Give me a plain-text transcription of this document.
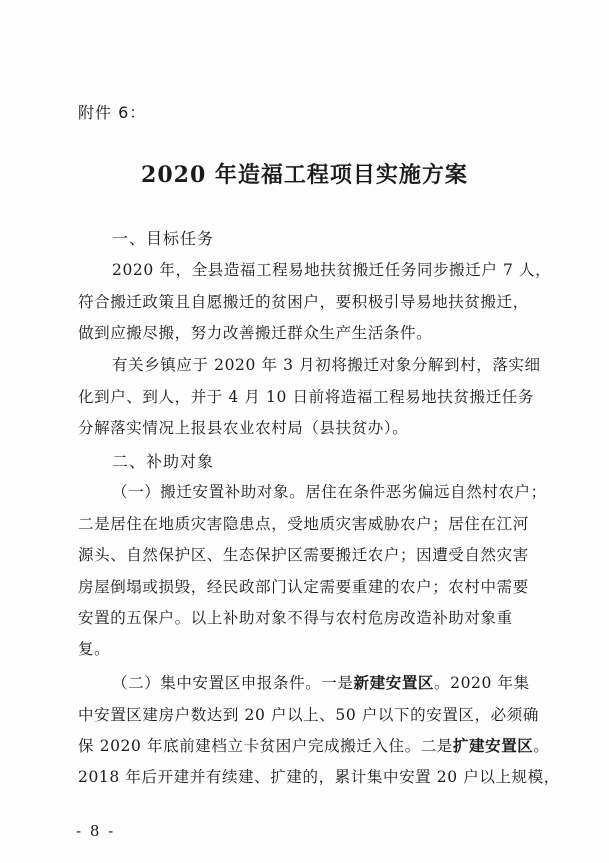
附件 6：
2020 年造福工程项目实施方案
一、目标任务
2020 年，全县造福工程易地扶贫搬迁任务同步搬迁户 7 人，
符合搬迁政策且自愿搬迁的贫困户，要积极引导易地扶贫搬迁，
做到应搬尽搬，努力改善搬迁群众生产生活条件。
有关乡镇应于 2020 年 3 月初将搬迁对象分解到村，落实细
化到户、到人，并于 4 月 10 日前将造福工程易地扶贫搬迁任务
分解落实情况上报县农业农村局（县扶贫办）。
二、补助对象
（一）搬迁安置补助对象。居住在条件恶劣偏远自然村农户；
二是居住在地质灾害隐患点，受地质灾害威胁农户；居住在江河
源头、自然保护区、生态保护区需要搬迁农户；因遭受自然灾害
房屋倒塌或损毁，经民政部门认定需要重建的农户；农村中需要
安置的五保户。以上补助对象不得与农村危房改造补助对象重
复。
（二）集中安置区申报条件。一是新建安置区。2020 年集
中安置区建房户数达到 20 户以上、50 户以下的安置区，必须确
保 2020 年底前建档立卡贫困户完成搬迁入住。二是扩建安置区。
2018 年后开建并有续建、扩建的，累计集中安置 20 户以上规模，
- 8 -
